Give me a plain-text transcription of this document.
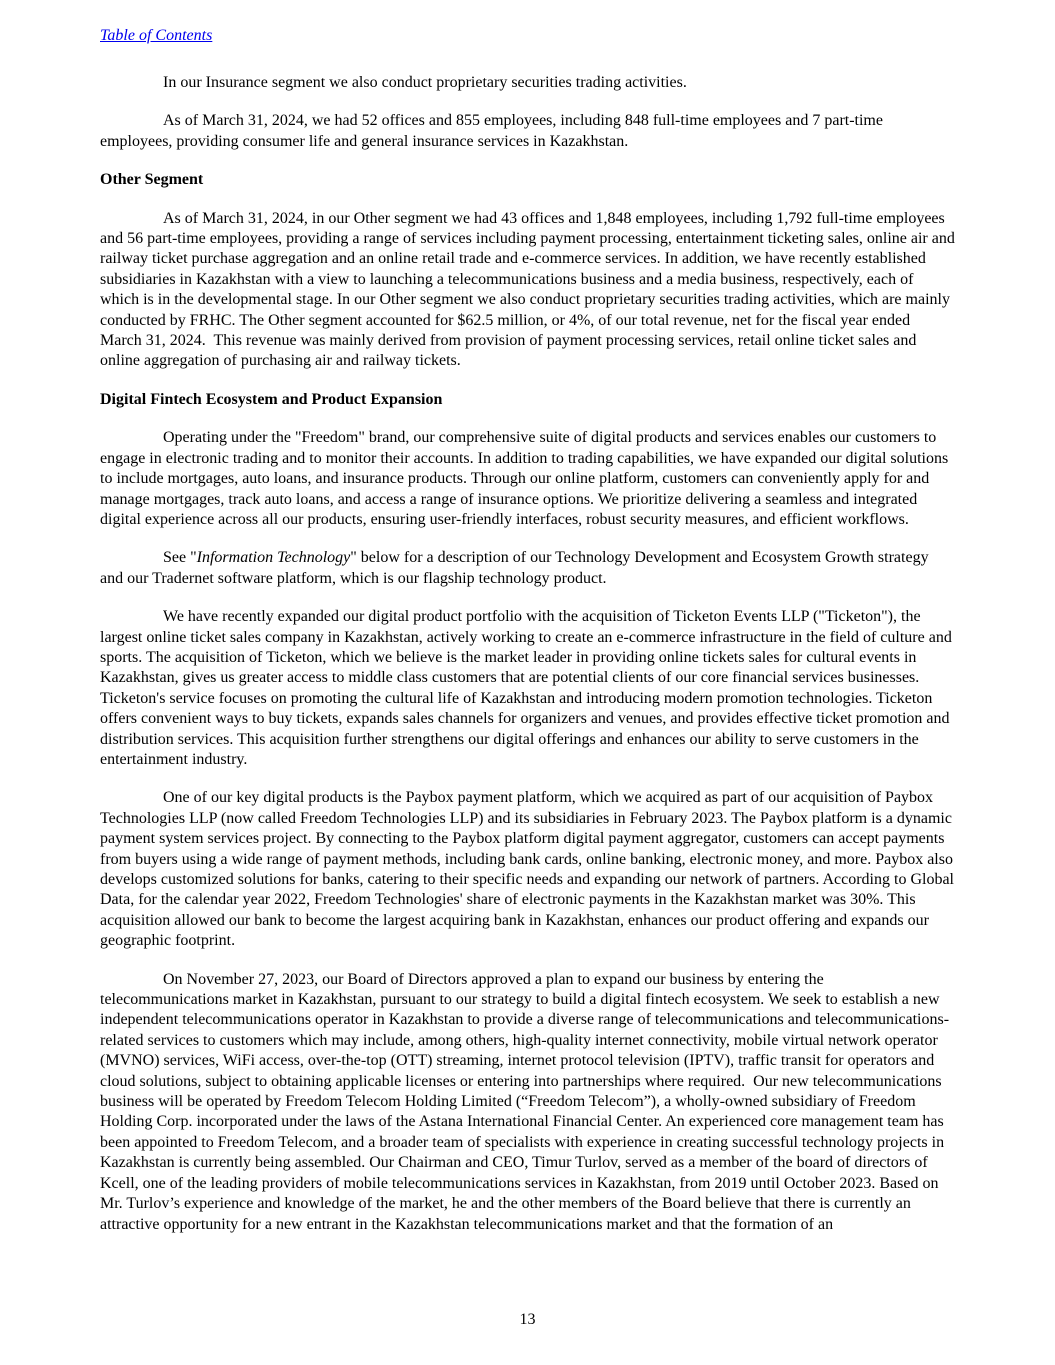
Table of Contents

In our Insurance segment we also conduct proprietary securities trading activities.

As of March 31, 2024, we had 52 offices and 855 employees, including 848 full-time employees and 7 part-time employees, providing consumer life and general insurance services in Kazakhstan.

Other Segment

As of March 31, 2024, in our Other segment we had 43 offices and 1,848 employees, including 1,792 full-time employees and 56 part-time employees, providing a range of services including payment processing, entertainment ticketing sales, online air and railway ticket purchase aggregation and an online retail trade and e-commerce services. In addition, we have recently established subsidiaries in Kazakhstan with a view to launching a telecommunications business and a media business, respectively, each of which is in the developmental stage. In our Other segment we also conduct proprietary securities trading activities, which are mainly conducted by FRHC. The Other segment accounted for $62.5 million, or 4%, of our total revenue, net for the fiscal year ended March 31, 2024.  This revenue was mainly derived from provision of payment processing services, retail online ticket sales and online aggregation of purchasing air and railway tickets.

Digital Fintech Ecosystem and Product Expansion

Operating under the "Freedom" brand, our comprehensive suite of digital products and services enables our customers to engage in electronic trading and to monitor their accounts. In addition to trading capabilities, we have expanded our digital solutions to include mortgages, auto loans, and insurance products. Through our online platform, customers can conveniently apply for and manage mortgages, track auto loans, and access a range of insurance options. We prioritize delivering a seamless and integrated digital experience across all our products, ensuring user-friendly interfaces, robust security measures, and efficient workflows.

See "Information Technology" below for a description of our Technology Development and Ecosystem Growth strategy and our Tradernet software platform, which is our flagship technology product.

We have recently expanded our digital product portfolio with the acquisition of Ticketon Events LLP ("Ticketon"), the largest online ticket sales company in Kazakhstan, actively working to create an e-commerce infrastructure in the field of culture and sports. The acquisition of Ticketon, which we believe is the market leader in providing online tickets sales for cultural events in Kazakhstan, gives us greater access to middle class customers that are potential clients of our core financial services businesses. Ticketon's service focuses on promoting the cultural life of Kazakhstan and introducing modern promotion technologies. Ticketon offers convenient ways to buy tickets, expands sales channels for organizers and venues, and provides effective ticket promotion and distribution services. This acquisition further strengthens our digital offerings and enhances our ability to serve customers in the entertainment industry.

One of our key digital products is the Paybox payment platform, which we acquired as part of our acquisition of Paybox Technologies LLP (now called Freedom Technologies LLP) and its subsidiaries in February 2023. The Paybox platform is a dynamic payment system services project. By connecting to the Paybox platform digital payment aggregator, customers can accept payments from buyers using a wide range of payment methods, including bank cards, online banking, electronic money, and more. Paybox also develops customized solutions for banks, catering to their specific needs and expanding our network of partners. According to Global Data, for the calendar year 2022, Freedom Technologies' share of electronic payments in the Kazakhstan market was 30%. This acquisition allowed our bank to become the largest acquiring bank in Kazakhstan, enhances our product offering and expands our geographic footprint.

On November 27, 2023, our Board of Directors approved a plan to expand our business by entering the telecommunications market in Kazakhstan, pursuant to our strategy to build a digital fintech ecosystem. We seek to establish a new independent telecommunications operator in Kazakhstan to provide a diverse range of telecommunications and telecommunications-related services to customers which may include, among others, high-quality internet connectivity, mobile virtual network operator (MVNO) services, WiFi access, over-the-top (OTT) streaming, internet protocol television (IPTV), traffic transit for operators and cloud solutions, subject to obtaining applicable licenses or entering into partnerships where required.  Our new telecommunications business will be operated by Freedom Telecom Holding Limited (“Freedom Telecom”), a wholly-owned subsidiary of Freedom Holding Corp. incorporated under the laws of the Astana International Financial Center. An experienced core management team has been appointed to Freedom Telecom, and a broader team of specialists with experience in creating successful technology projects in Kazakhstan is currently being assembled. Our Chairman and CEO, Timur Turlov, served as a member of the board of directors of Kcell, one of the leading providers of mobile telecommunications services in Kazakhstan, from 2019 until October 2023. Based on Mr. Turlov’s experience and knowledge of the market, he and the other members of the Board believe that there is currently an attractive opportunity for a new entrant in the Kazakhstan telecommunications market and that the formation of an

13
